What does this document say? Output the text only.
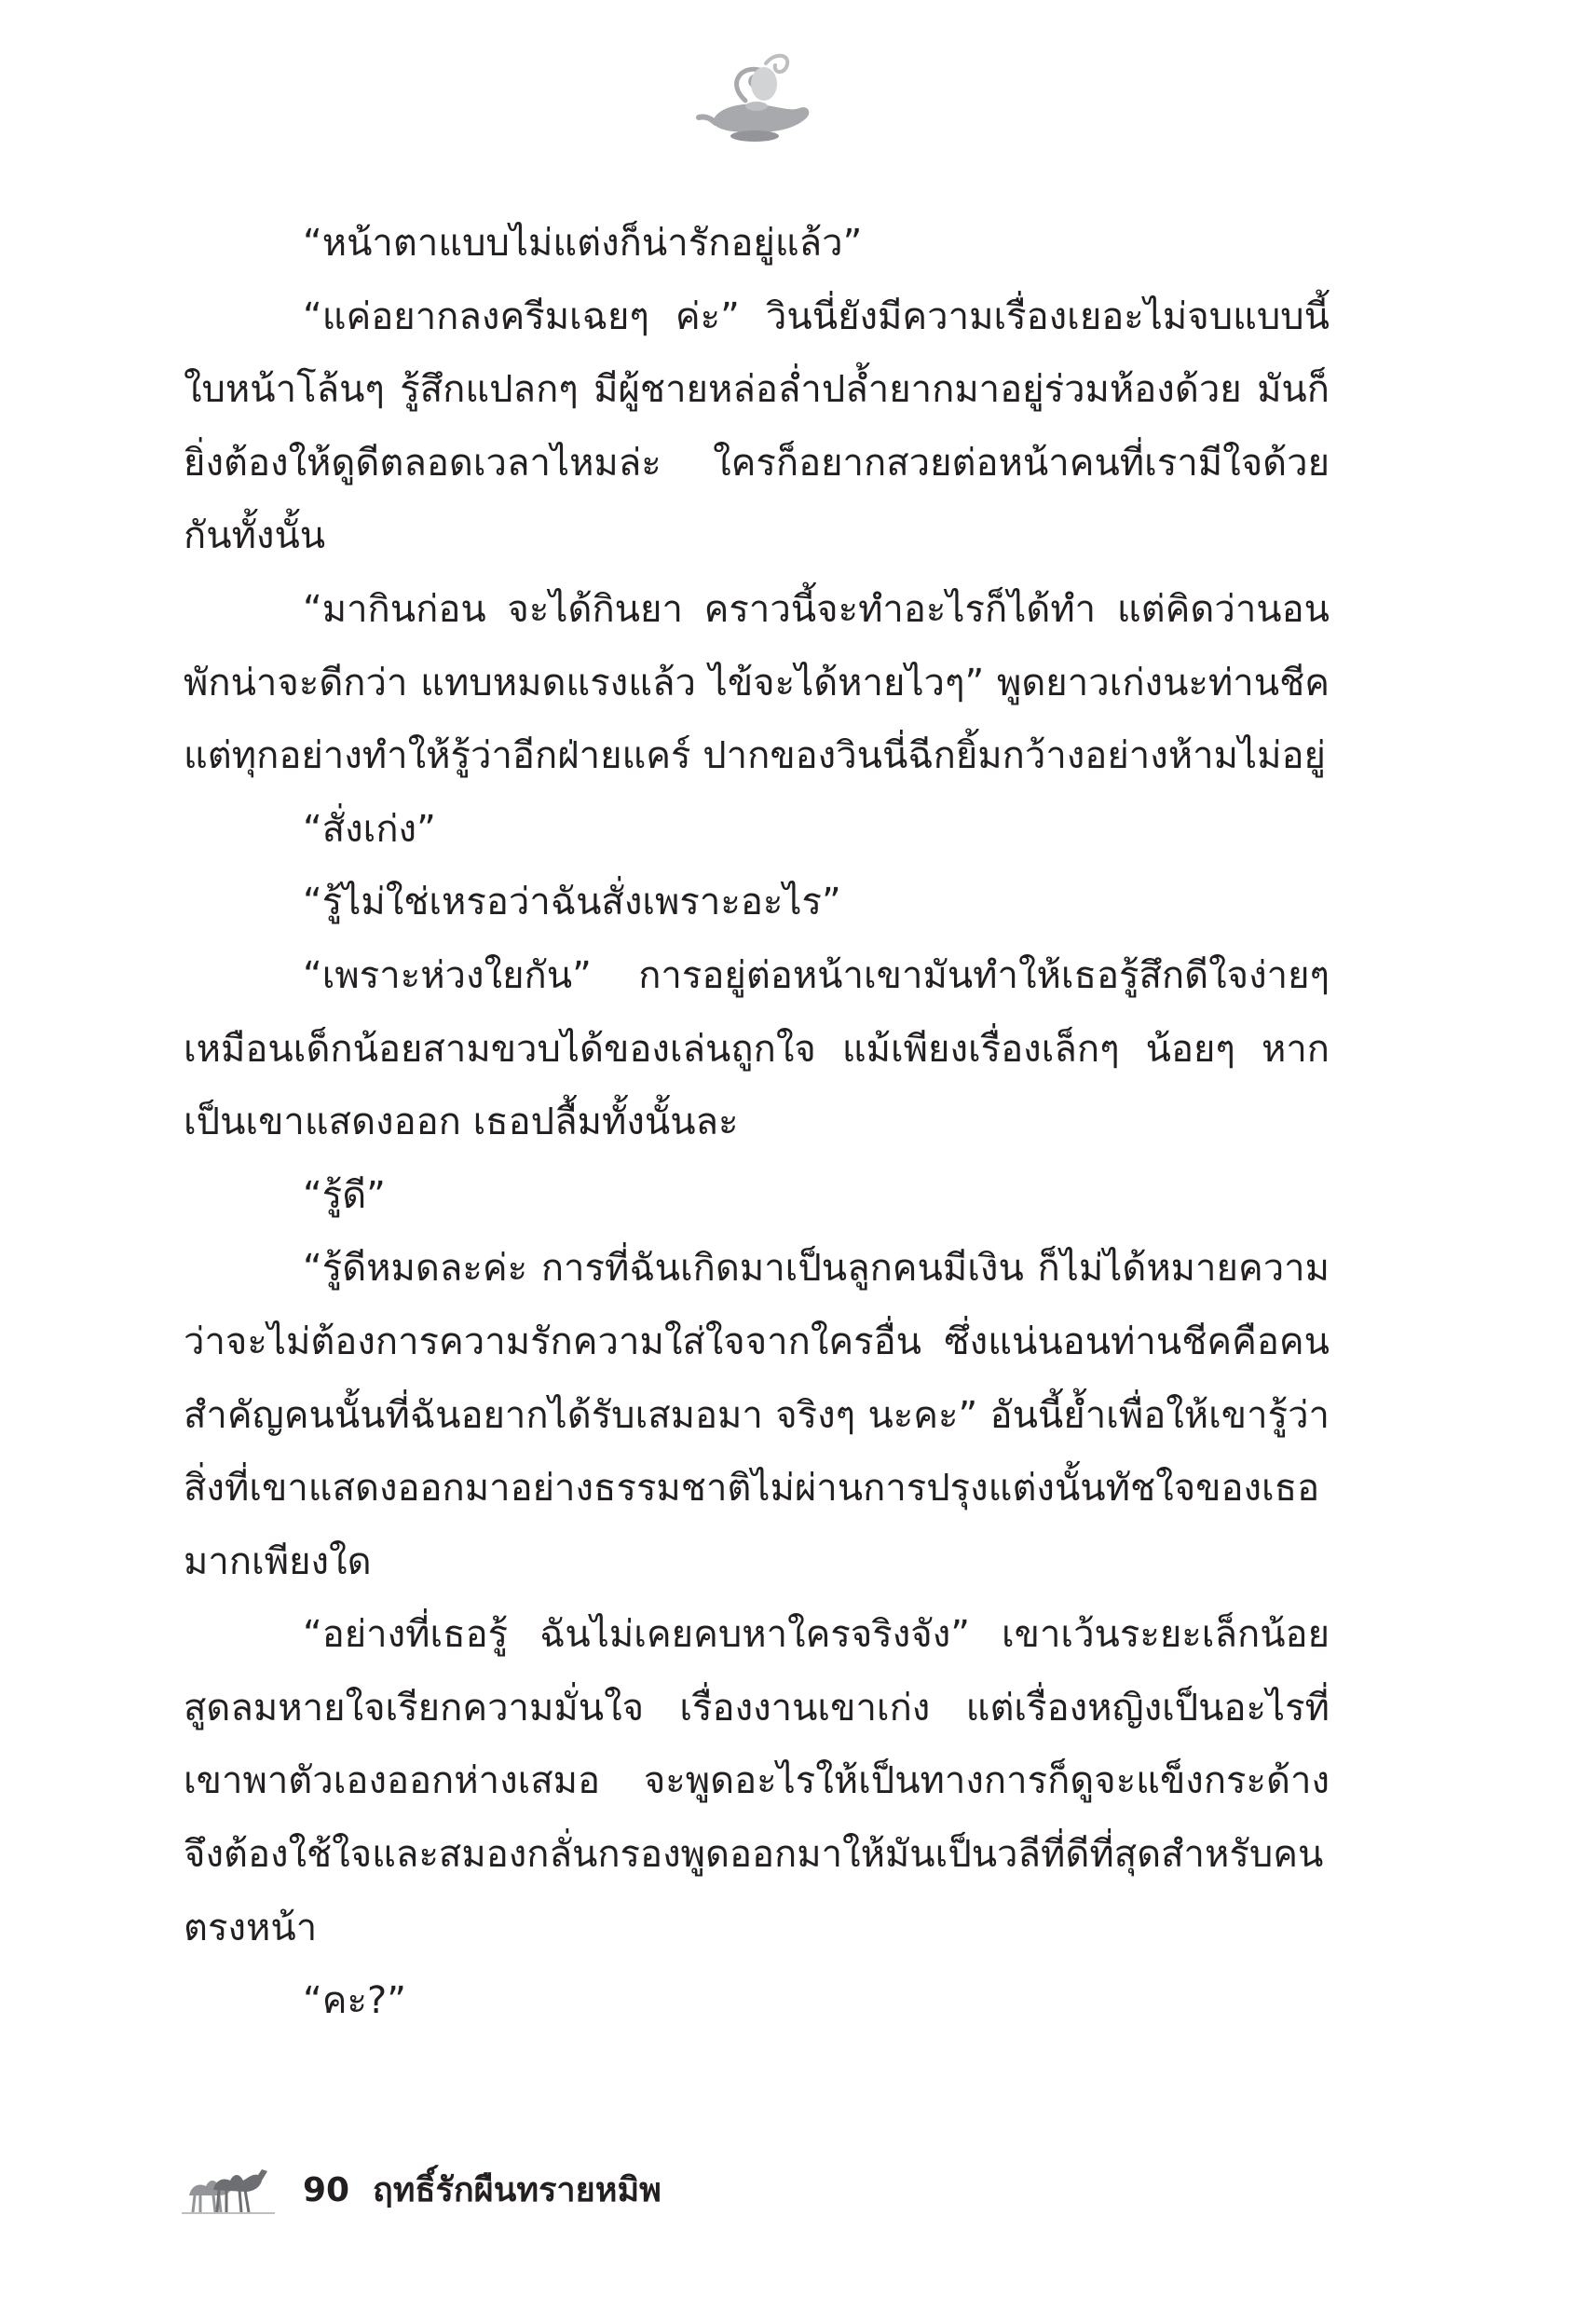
“หน้าตาแบบไม่แต่งก็น่ารักอยู่แล้ว”

“แค่อยากลงครีมเฉยๆ ค่ะ” วินนี่ยังมีความเรื่องเยอะไม่จบแบบนี้ใบหน้าโล้นๆ รู้สึกแปลกๆ มีผู้ชายหล่อล่ำปล้ำยากมาอยู่ร่วมห้องด้วย มันก็ยิ่งต้องให้ดูดีตลอดเวลาไหมล่ะ ใครก็อยากสวยต่อหน้าคนที่เรามีใจด้วยกันทั้งนั้น

“มากินก่อน จะได้กินยา คราวนี้จะทำอะไรก็ได้ทำ แต่คิดว่านอนพักน่าจะดีกว่า แทบหมดแรงแล้ว ไข้จะได้หายไวๆ” พูดยาวเก่งนะท่านชีค แต่ทุกอย่างทำให้รู้ว่าอีกฝ่ายแคร์ ปากของวินนี่ฉีกยิ้มกว้างอย่างห้ามไม่อยู่

“สั่งเก่ง”

“รู้ไม่ใช่เหรอว่าฉันสั่งเพราะอะไร”

“เพราะห่วงใยกัน” การอยู่ต่อหน้าเขามันทำให้เธอรู้สึกดีใจง่ายๆ เหมือนเด็กน้อยสามขวบได้ของเล่นถูกใจ แม้เพียงเรื่องเล็กๆ น้อยๆ หากเป็นเขาแสดงออก เธอปลื้มทั้งนั้นละ

“รู้ดี”

“รู้ดีหมดละค่ะ การที่ฉันเกิดมาเป็นลูกคนมีเงิน ก็ไม่ได้หมายความว่าจะไม่ต้องการความรักความใส่ใจจากใครอื่น ซึ่งแน่นอนท่านชีคคือคนสำคัญคนนั้นที่ฉันอยากได้รับเสมอมา จริงๆ นะคะ” อันนี้ย้ำเพื่อให้เขารู้ว่าสิ่งที่เขาแสดงออกมาอย่างธรรมชาติไม่ผ่านการปรุงแต่งนั้นทัชใจของเธอมากเพียงใด

“อย่างที่เธอรู้ ฉันไม่เคยคบหาใครจริงจัง” เขาเว้นระยะเล็กน้อยสูดลมหายใจเรียกความมั่นใจ เรื่องงานเขาเก่ง แต่เรื่องหญิงเป็นอะไรที่เขาพาตัวเองออกห่างเสมอ จะพูดอะไรให้เป็นทางการก็ดูจะแข็งกระด้างจึงต้องใช้ใจและสมองกลั่นกรองพูดออกมาให้มันเป็นวลีที่ดีที่สุดสำหรับคนตรงหน้า

“คะ?”

90 ฤทธิ์รักผืนทรายหมิพ
